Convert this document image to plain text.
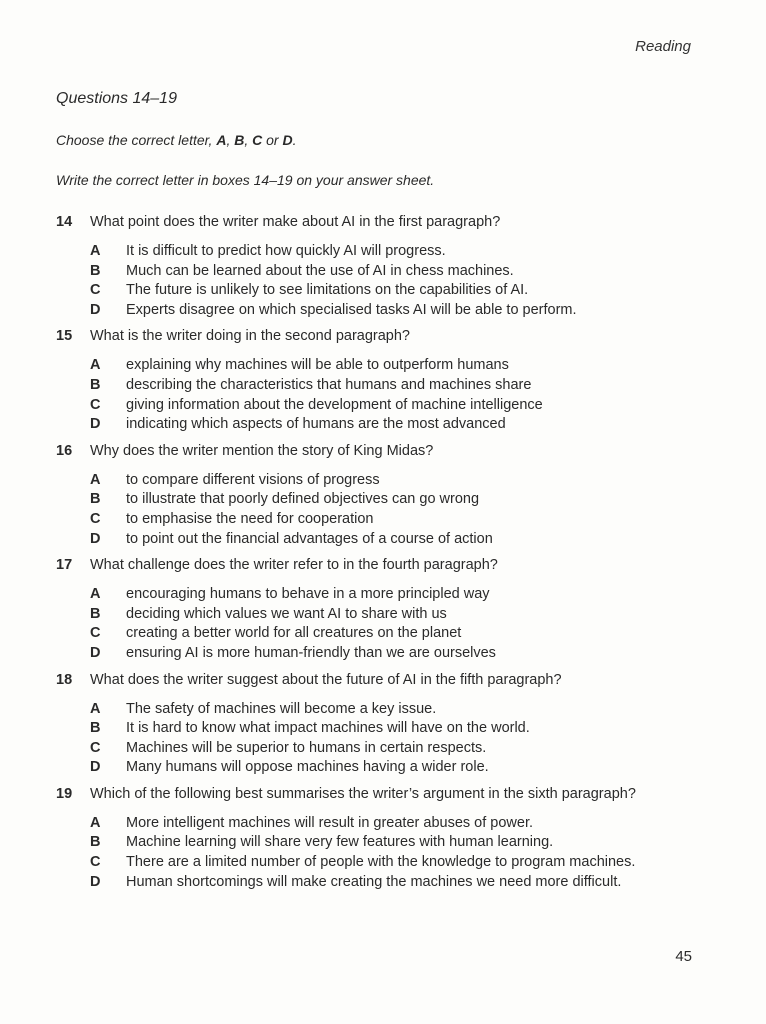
Reading
Questions 14–19
Choose the correct letter, A, B, C or D.
Write the correct letter in boxes 14–19 on your answer sheet.
14	What point does the writer make about AI in the first paragraph?
A	It is difficult to predict how quickly AI will progress.
B	Much can be learned about the use of AI in chess machines.
C	The future is unlikely to see limitations on the capabilities of AI.
D	Experts disagree on which specialised tasks AI will be able to perform.
15	What is the writer doing in the second paragraph?
A	explaining why machines will be able to outperform humans
B	describing the characteristics that humans and machines share
C	giving information about the development of machine intelligence
D	indicating which aspects of humans are the most advanced
16	Why does the writer mention the story of King Midas?
A	to compare different visions of progress
B	to illustrate that poorly defined objectives can go wrong
C	to emphasise the need for cooperation
D	to point out the financial advantages of a course of action
17	What challenge does the writer refer to in the fourth paragraph?
A	encouraging humans to behave in a more principled way
B	deciding which values we want AI to share with us
C	creating a better world for all creatures on the planet
D	ensuring AI is more human-friendly than we are ourselves
18	What does the writer suggest about the future of AI in the fifth paragraph?
A	The safety of machines will become a key issue.
B	It is hard to know what impact machines will have on the world.
C	Machines will be superior to humans in certain respects.
D	Many humans will oppose machines having a wider role.
19	Which of the following best summarises the writer’s argument in the sixth paragraph?
A	More intelligent machines will result in greater abuses of power.
B	Machine learning will share very few features with human learning.
C	There are a limited number of people with the knowledge to program machines.
D	Human shortcomings will make creating the machines we need more difficult.
45
